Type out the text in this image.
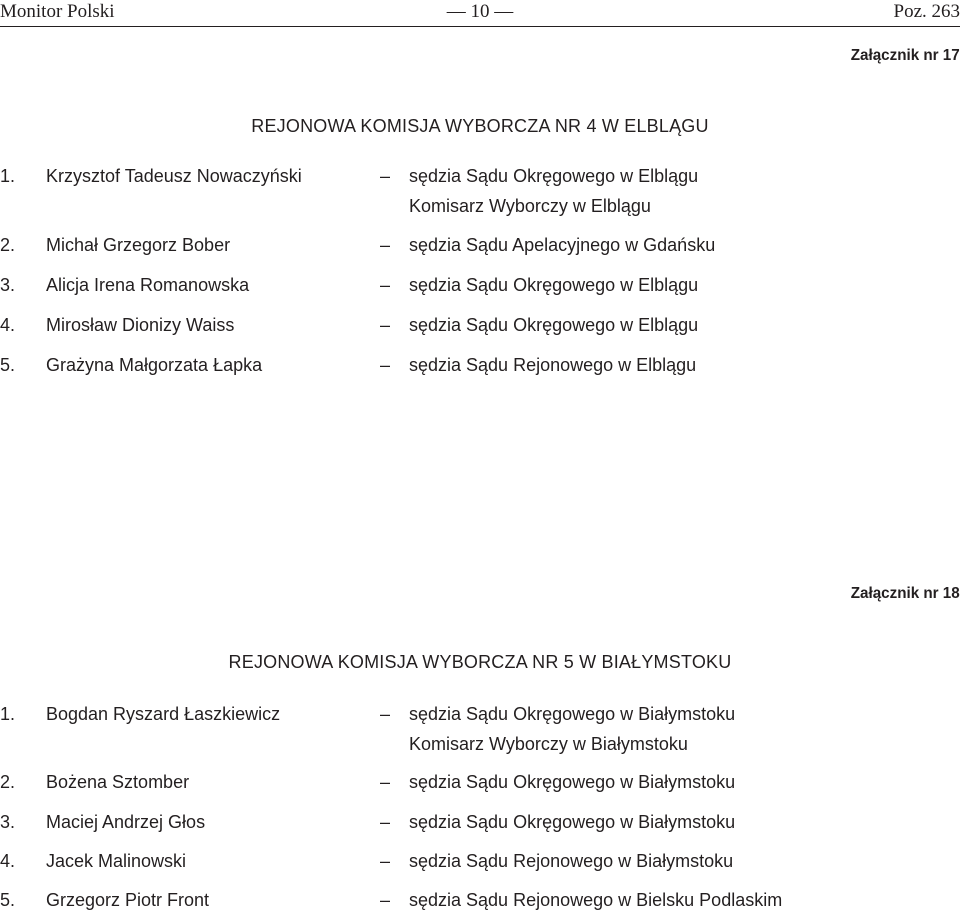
Monitor Polski	— 10 —	Poz. 263
Załącznik nr 17
REJONOWA KOMISJA WYBORCZA NR 4 W ELBLĄGU
1. Krzysztof Tadeusz Nowaczyński	– sędzia Sądu Okręgowego w Elblągu
Komisarz Wyborczy w Elblągu
2. Michał Grzegorz Bober	– sędzia Sądu Apelacyjnego w Gdańsku
3. Alicja Irena Romanowska	– sędzia Sądu Okręgowego w Elblągu
4. Mirosław Dionizy Waiss	– sędzia Sądu Okręgowego w Elblągu
5. Grażyna Małgorzata Łapka	– sędzia Sądu Rejonowego w Elblągu
Załącznik nr 18
REJONOWA KOMISJA WYBORCZA NR 5 W BIAŁYMSTOKU
1. Bogdan Ryszard Łaszkiewicz	– sędzia Sądu Okręgowego w Białymstoku
Komisarz Wyborczy w Białymstoku
2. Bożena Sztomber	– sędzia Sądu Okręgowego w Białymstoku
3. Maciej Andrzej Głos	– sędzia Sądu Okręgowego w Białymstoku
4. Jacek Malinowski	– sędzia Sądu Rejonowego w Białymstoku
5. Grzegorz Piotr Front	– sędzia Sądu Rejonowego w Bielsku Podlaskim
